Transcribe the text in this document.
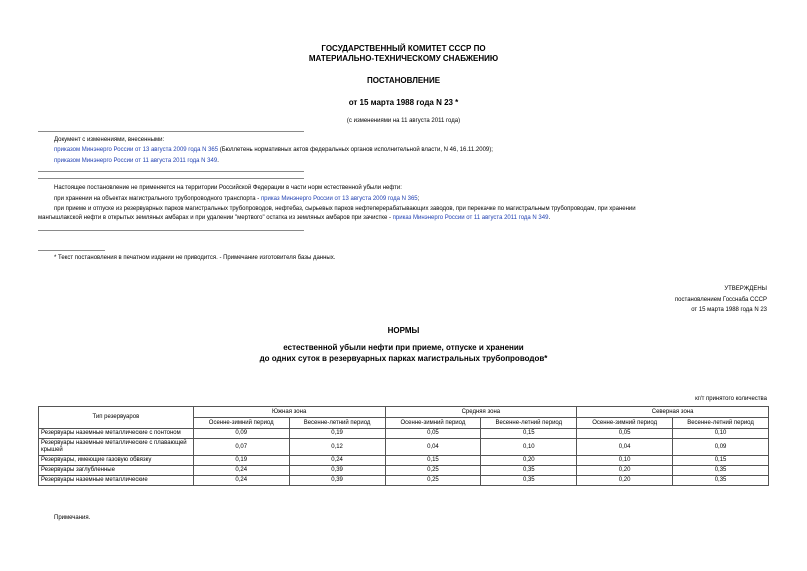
ГОСУДАРСТВЕННЫЙ КОМИТЕТ СССР ПО
МАТЕРИАЛЬНО-ТЕХНИЧЕСКОМУ СНАБЖЕНИЮ
ПОСТАНОВЛЕНИЕ
от 15 марта 1988 года N 23 *
(с изменениями на 11 августа 2011 года)
Документ с изменениями, внесенными:
приказом Минэнерго России от 13 августа 2009 года N 365 (Бюллетень нормативных актов федеральных органов исполнительной власти, N 46, 16.11.2009);
приказом Минэнерго России от 11 августа 2011 года N 349.
Настоящее постановление не применяется на территории Российской Федерации в части норм естественной убыли нефти:
при хранении на объектах магистрального трубопроводного транспорта - приказ Минэнерго России от 13 августа 2009 года N 365;
при приеме и отпуске из резервуарных парков магистральных трубопроводов, нефтебаз, сырьевых парков нефтеперерабатывающих заводов, при перекачке по магистральным трубопроводам, при хранении
мангышлакской нефти в открытых земляных амбарах и при удалении "мертвого" остатка из земляных амбаров при зачистке - приказ Минэнерго России от 11 августа 2011 года N 349.
* Текст постановления в печатном издании не приводится. - Примечание изготовителя базы данных.
УТВЕРЖДЕНЫ
постановлением Госснаба СССР
от 15 марта 1988 года N 23
НОРМЫ
естественной убыли нефти при приеме, отпуске и хранении
до одних суток в резервуарных парках магистральных трубопроводов*
кг/т принятого количества
Тип резервуаров	Южная зона		Средняя зона		Северная зона	
	Осенне-зимний период	Весенне-летний период	Осенне-зимний период	Весенне-летний период	Осенне-зимний период	Весенне-летний период
Резервуары наземные металлические с понтоном	0,09	0,19	0,05	0,15	0,05	0,10
Резервуары наземные металлические с плавающей крышей	0,07	0,12	0,04	0,10	0,04	0,09
Резервуары, имеющие газовую обвязку	0,19	0,24	0,15	0,20	0,10	0,15
Резервуары заглубленные	0,24	0,39	0,25	0,35	0,20	0,35
Резервуары наземные металлические	0,24	0,39	0,25	0,35	0,20	0,35
Примечания.
